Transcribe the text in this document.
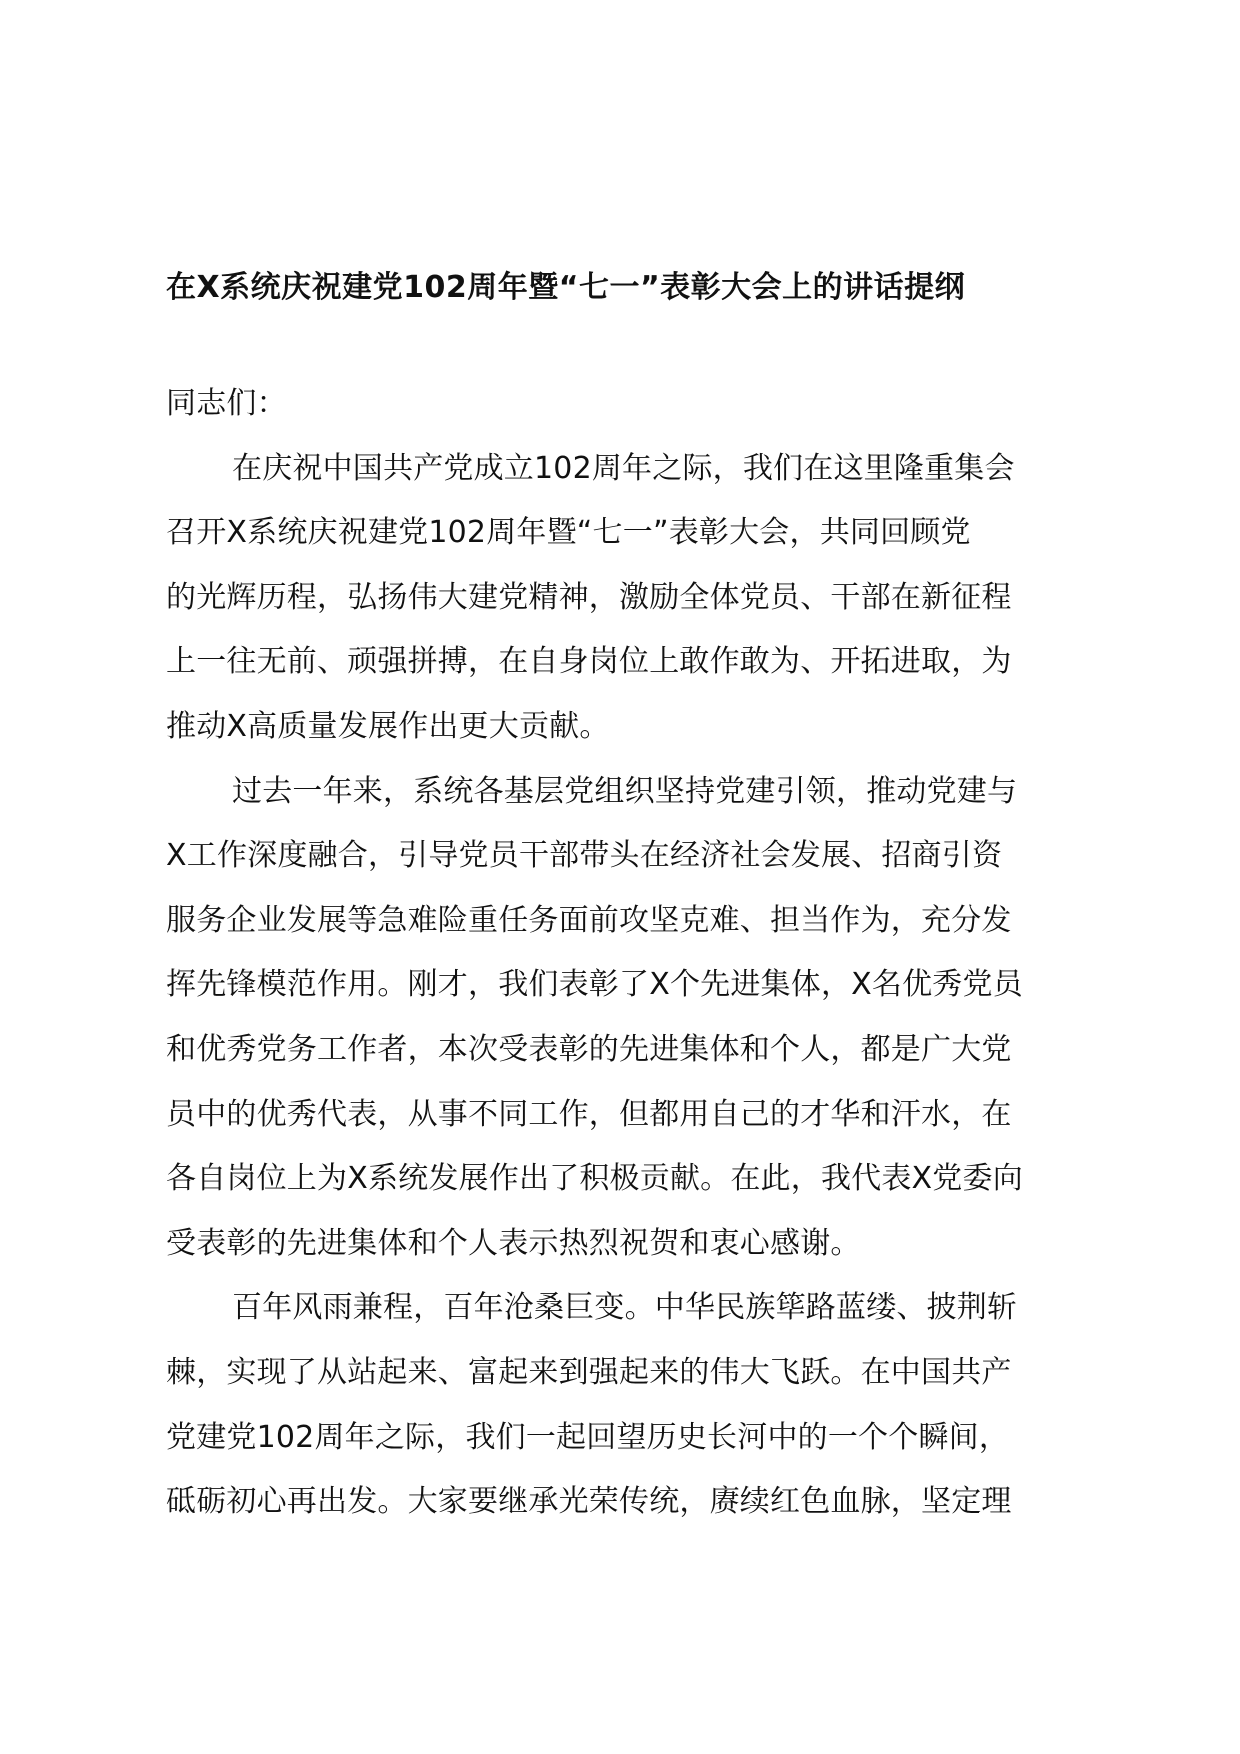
在X系统庆祝建党102周年暨“七一”表彰大会上的讲话提纲
同志们：
在庆祝中国共产党成立102周年之际，我们在这里隆重集会
召开X系统庆祝建党102周年暨“七一”表彰大会，共同回顾党
的光辉历程，弘扬伟大建党精神，激励全体党员、干部在新征程
上一往无前、顽强拼搏，在自身岗位上敢作敢为、开拓进取，为
推动X高质量发展作出更大贡献。
过去一年来，系统各基层党组织坚持党建引领，推动党建与
X工作深度融合，引导党员干部带头在经济社会发展、招商引资
服务企业发展等急难险重任务面前攻坚克难、担当作为，充分发
挥先锋模范作用。刚才，我们表彰了X个先进集体，X名优秀党员
和优秀党务工作者，本次受表彰的先进集体和个人，都是广大党
员中的优秀代表，从事不同工作，但都用自己的才华和汗水，在
各自岗位上为X系统发展作出了积极贡献。在此，我代表X党委向
受表彰的先进集体和个人表示热烈祝贺和衷心感谢。
百年风雨兼程，百年沧桑巨变。中华民族筚路蓝缕、披荆斩
棘，实现了从站起来、富起来到强起来的伟大飞跃。在中国共产
党建党102周年之际，我们一起回望历史长河中的一个个瞬间，
砥砺初心再出发。大家要继承光荣传统，赓续红色血脉，坚定理
